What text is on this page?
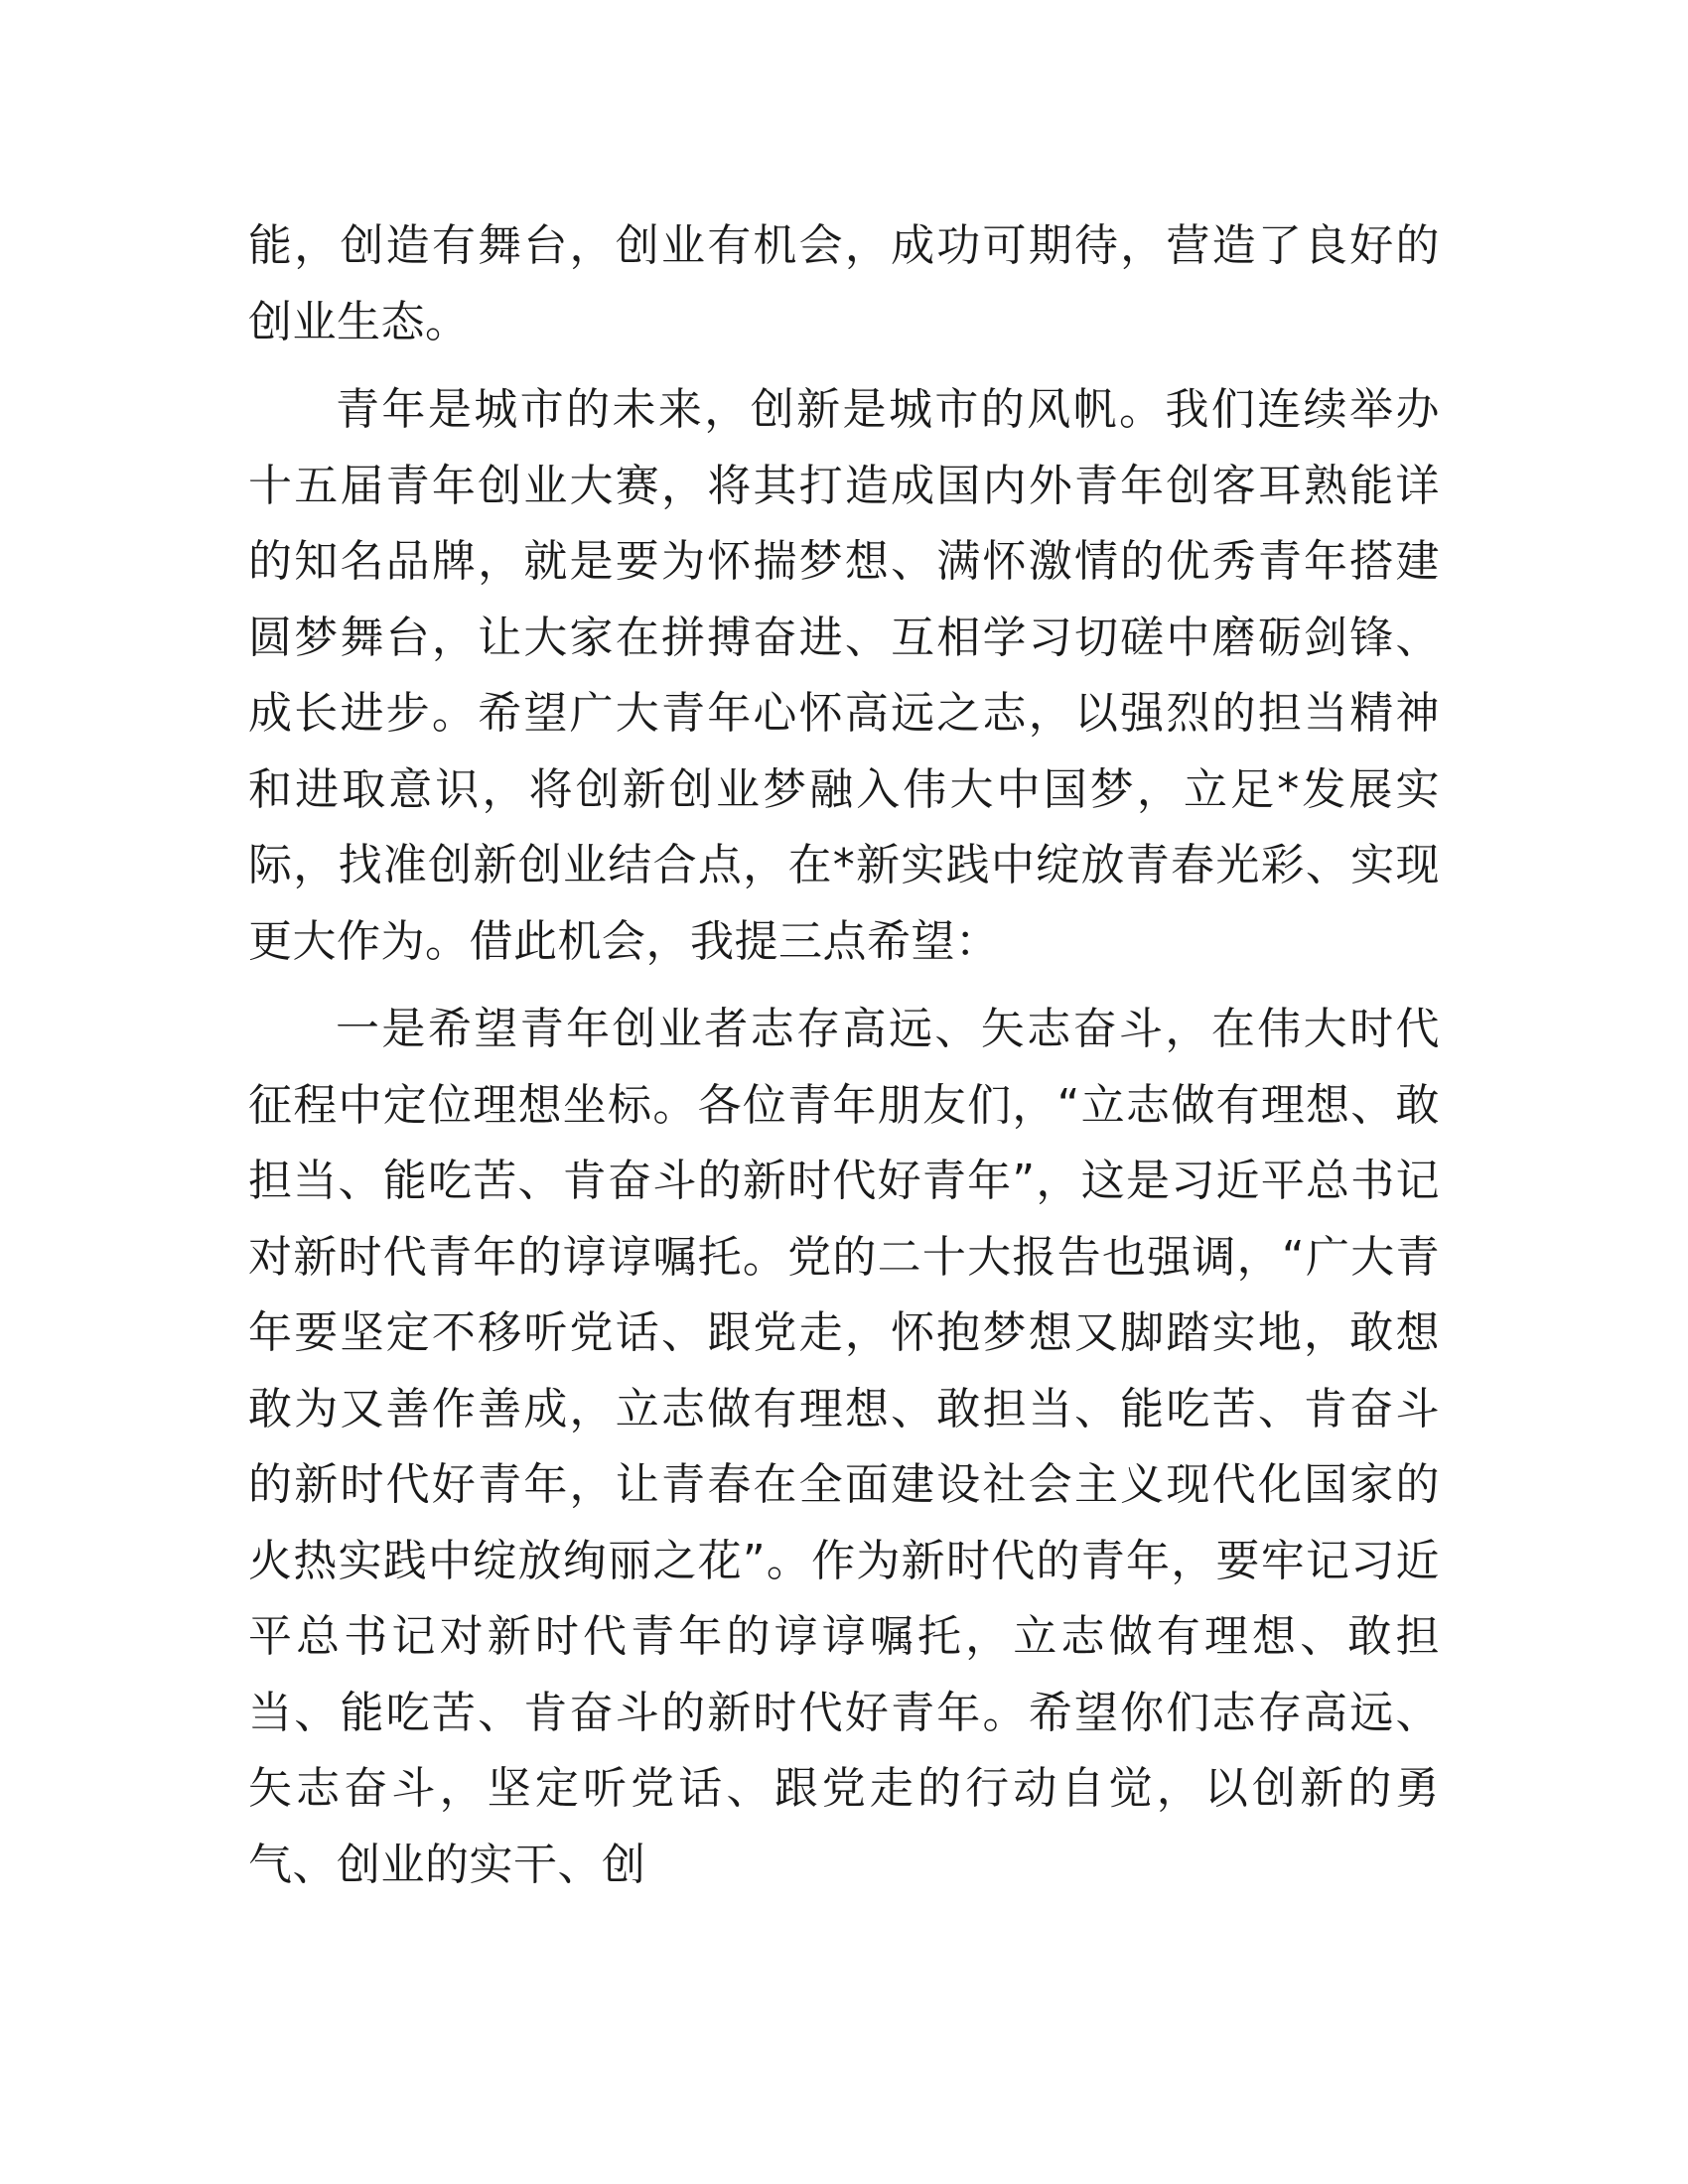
能，创造有舞台，创业有机会，成功可期待，营造了良好的创业生态。

青年是城市的未来，创新是城市的风帆。我们连续举办十五届青年创业大赛，将其打造成国内外青年创客耳熟能详的知名品牌，就是要为怀揣梦想、满怀激情的优秀青年搭建圆梦舞台，让大家在拼搏奋进、互相学习切磋中磨砺剑锋、成长进步。希望广大青年心怀高远之志，以强烈的担当精神和进取意识，将创新创业梦融入伟大中国梦，立足*发展实际，找准创新创业结合点，在*新实践中绽放青春光彩、实现更大作为。借此机会，我提三点希望：

一是希望青年创业者志存高远、矢志奋斗，在伟大时代征程中定位理想坐标。各位青年朋友们，“立志做有理想、敢担当、能吃苦、肯奋斗的新时代好青年”，这是习近平总书记对新时代青年的谆谆嘱托。党的二十大报告也强调，“广大青年要坚定不移听党话、跟党走，怀抱梦想又脚踏实地，敢想敢为又善作善成，立志做有理想、敢担当、能吃苦、肯奋斗的新时代好青年，让青春在全面建设社会主义现代化国家的火热实践中绽放绚丽之花”。作为新时代的青年，要牢记习近平总书记对新时代青年的谆谆嘱托，立志做有理想、敢担当、能吃苦、肯奋斗的新时代好青年。希望你们志存高远、矢志奋斗，坚定听党话、跟党走的行动自觉，以创新的勇气、创业的实干、创
